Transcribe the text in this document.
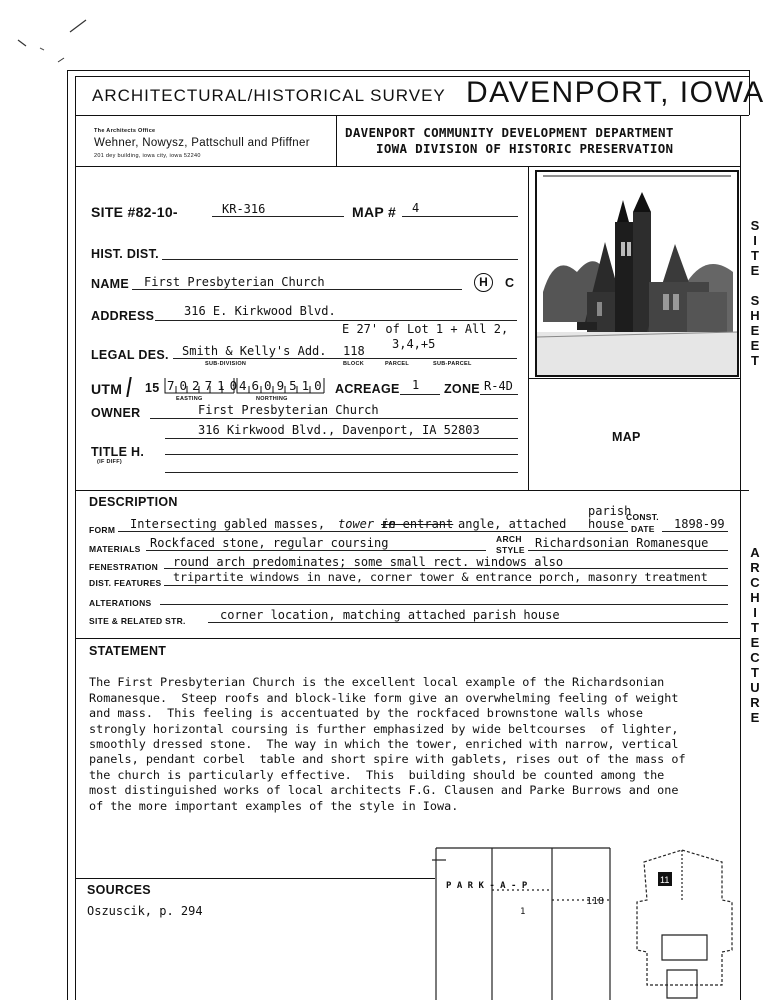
ARCHITECTURAL/HISTORICAL SURVEY DAVENPORT, IOWA
The Architects Office
Wehner, Nowysz, Pattschull and Pfiffner
201 dey building, iowa city, iowa 52240
DAVENPORT COMMUNITY DEVELOPMENT DEPARTMENT
IOWA DIVISION OF HISTORIC PRESERVATION
MAP
S
I
T
E

S
H
E
E
T
A
R
C
H
I
T
E
C
T
U
R
E
SITE #82-10-	KR-316	MAP # 4
HIST. DIST.
NAME First Presbyterian Church	H	C
ADDRESS 316 E. Kirkwood Blvd.
E 27' of Lot 1 + All 2,
3,4,+5
LEGAL DES. Smith & Kelly's Add. 118
SUB-DIVISION	BLOCK	PARCEL	SUB-PARCEL
UTM 15 702710
4609510
EASTING	NORTHING
ACREAGE 1 ZONE R-4D
OWNER	First Presbyterian Church
316 Kirkwood Blvd., Davenport, IA 52803
TITLE H.
(IF DIFF)
DESCRIPTION
FORM Intersecting gabled masses, tower in
re-entrant angle, attached house
parish
CONST.
DATE 1898-99
MATERIALS Rockfaced stone, regular coursing	ARCH
STYLE Richardsonian Romanesque
FENESTRATION round arch predominates; some small rect. windows also
DIST. FEATURES tripartite windows in nave, corner tower & entrance porch, masonry treatment
ALTERATIONS
SITE & RELATED STR.	corner location, matching attached parish house
STATEMENT

The First Presbyterian Church is the excellent local example of the Richardsonian
Romanesque.  Steep roofs and block-like form give an overwhelming feeling of weight
and mass.  This feeling is accentuated by the rockfaced brownstone walls whose
strongly horizontal coursing is further emphasized by wide beltcourses  of lighter,
smoothly dressed stone.  The way in which the tower, enriched with narrow, vertical
panels, pendant corbel  table and short spire with gablets, rises out of the mass of
the church is particularly effective.  This  building should be counted among the
most distinguished works of local architects F.G. Clausen and Parke Burrows and one
of the more important examples of the style in Iowa.

SOURCES
Oszuscik, p. 294
P A R K - A - P
118
1
11
